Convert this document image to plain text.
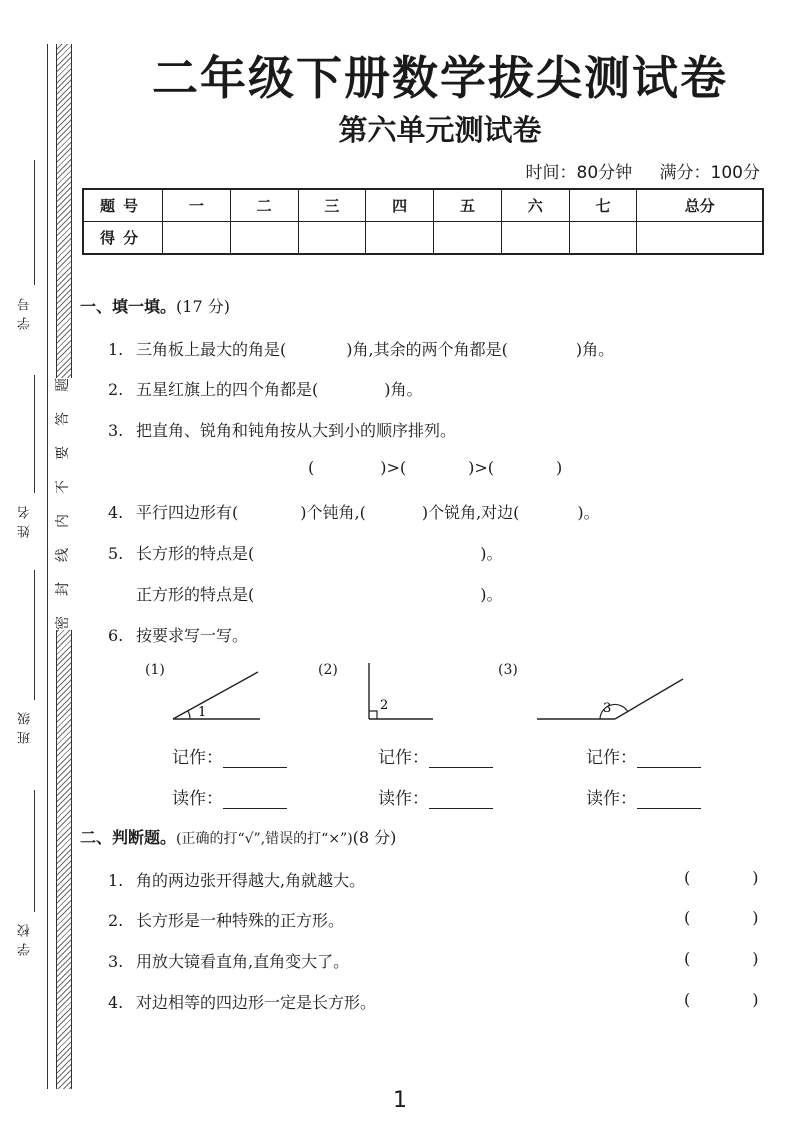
题
答
要
不
内
线
封
密
学号
姓名
班级
学校
二年级下册数学拔尖测试卷
第六单元测试卷
时间：80分钟 满分：100分
题号	一	二	三	四	五	六	七	总分
得分								
一、填一填。(17 分)
1. 三角板上最大的角是(	)角,其余的两个角都是(	)角。
2. 五星红旗上的四个角都是(	)角。
3. 把直角、锐角和钝角按从大到小的顺序排列。
(	)>(	)>(	)
4. 平行四边形有(	)个钝角,(	)个锐角,对边(	)。
5. 长方形的特点是(	)。
正方形的特点是(	)。
6. 按要求写一写。
(1)	(2)	(3)
1	2	3
记作：	记作：	记作：
读作：	读作：	读作：
二、判断题。(正确的打“√”,错误的打“×”)(8 分)
1. 角的两边张开得越大,角就越大。	(	)
2. 长方形是一种特殊的正方形。	(	)
3. 用放大镜看直角,直角变大了。	(	)
4. 对边相等的四边形一定是长方形。	(	)
1
